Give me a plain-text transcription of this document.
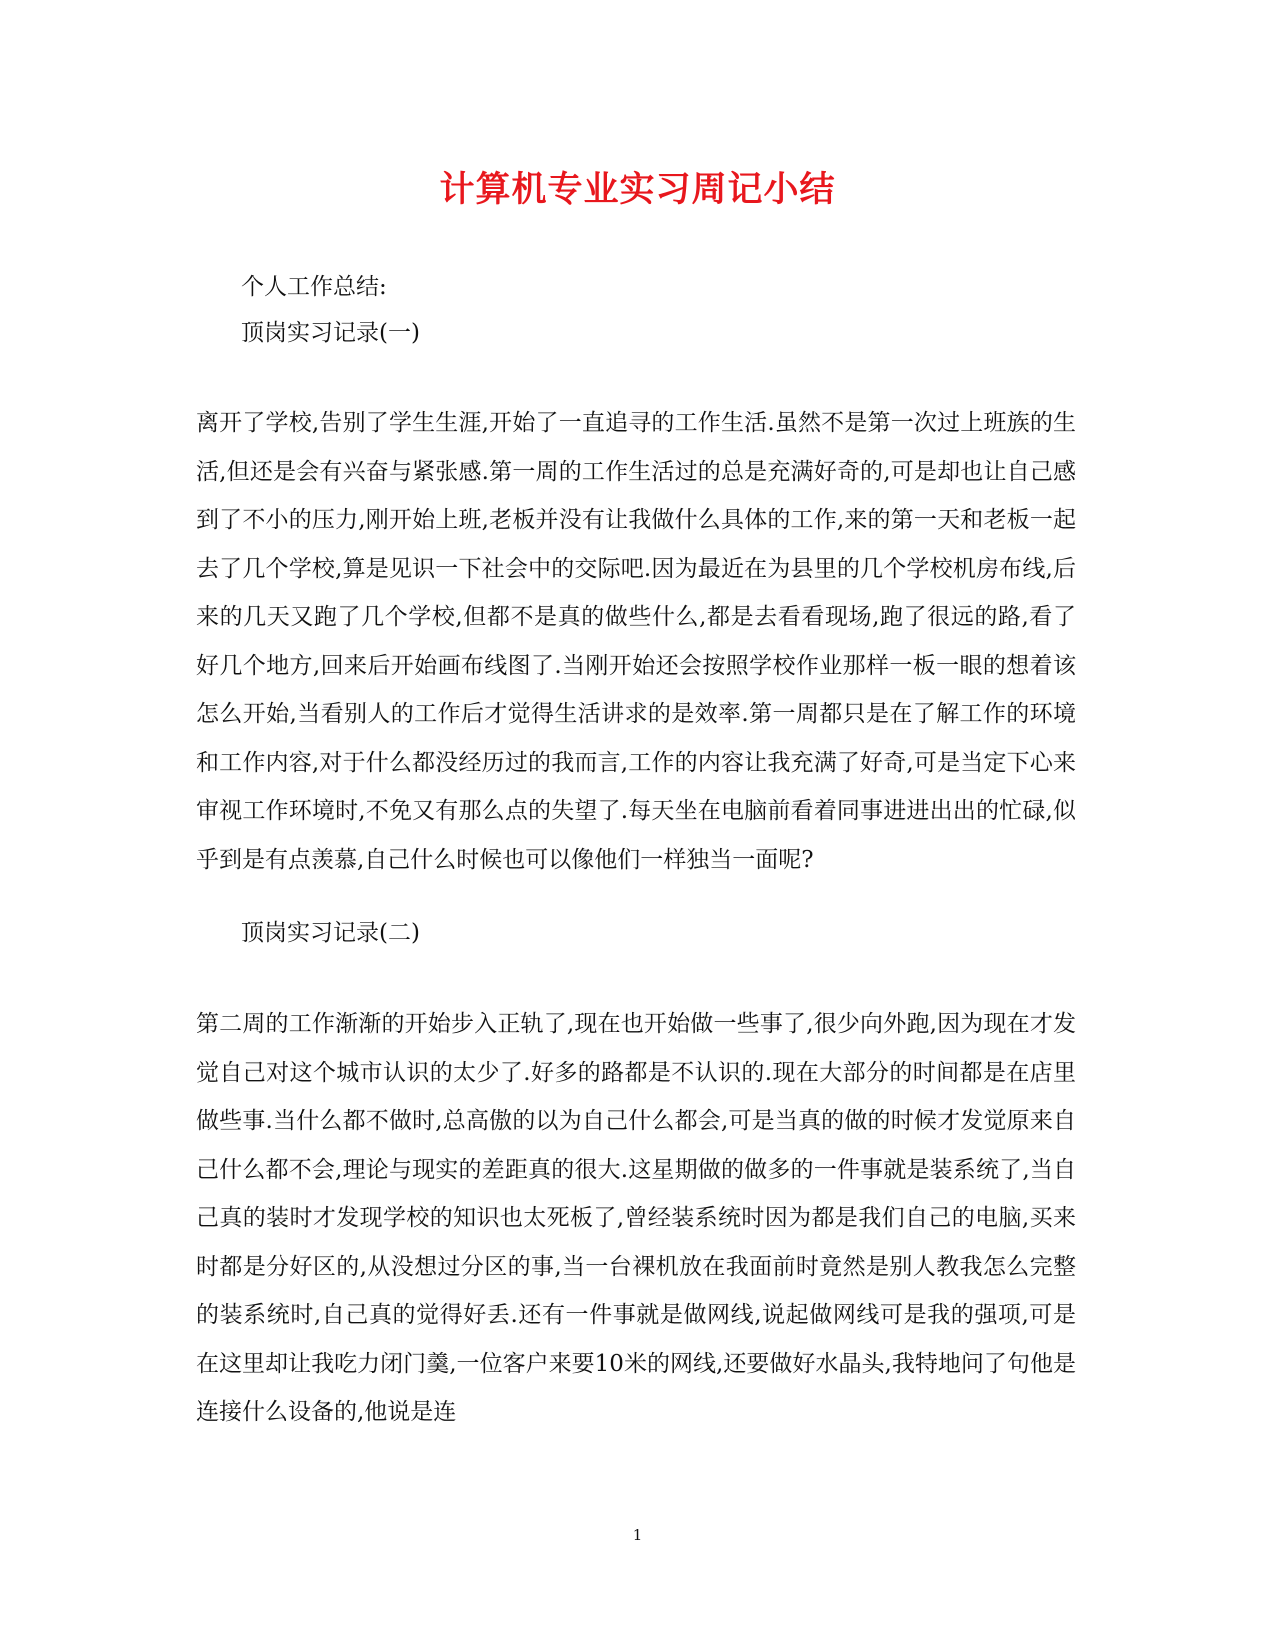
计算机专业实习周记小结

个人工作总结:

顶岗实习记录(一)

离开了学校,告别了学生生涯,开始了一直追寻的工作生活.虽然不是第一次过上班族的生活,但还是会有兴奋与紧张感.第一周的工作生活过的总是充满好奇的,可是却也让自己感到了不小的压力,刚开始上班,老板并没有让我做什么具体的工作,来的第一天和老板一起去了几个学校,算是见识一下社会中的交际吧.因为最近在为县里的几个学校机房布线,后来的几天又跑了几个学校,但都不是真的做些什么,都是去看看现场,跑了很远的路,看了好几个地方,回来后开始画布线图了.当刚开始还会按照学校作业那样一板一眼的想着该怎么开始,当看别人的工作后才觉得生活讲求的是效率.第一周都只是在了解工作的环境和工作内容,对于什么都没经历过的我而言,工作的内容让我充满了好奇,可是当定下心来审视工作环境时,不免又有那么点的失望了.每天坐在电脑前看着同事进进出出的忙碌,似乎到是有点羡慕,自己什么时候也可以像他们一样独当一面呢?

顶岗实习记录(二)

第二周的工作渐渐的开始步入正轨了,现在也开始做一些事了,很少向外跑,因为现在才发觉自己对这个城市认识的太少了.好多的路都是不认识的.现在大部分的时间都是在店里做些事.当什么都不做时,总高傲的以为自己什么都会,可是当真的做的时候才发觉原来自己什么都不会,理论与现实的差距真的很大.这星期做的做多的一件事就是装系统了,当自己真的装时才发现学校的知识也太死板了,曾经装系统时因为都是我们自己的电脑,买来时都是分好区的,从没想过分区的事,当一台裸机放在我面前时竟然是别人教我怎么完整的装系统时,自己真的觉得好丢.还有一件事就是做网线,说起做网线可是我的强项,可是在这里却让我吃力闭门羹,一位客户来要10米的网线,还要做好水晶头,我特地问了句他是连接什么设备的,他说是连

1
